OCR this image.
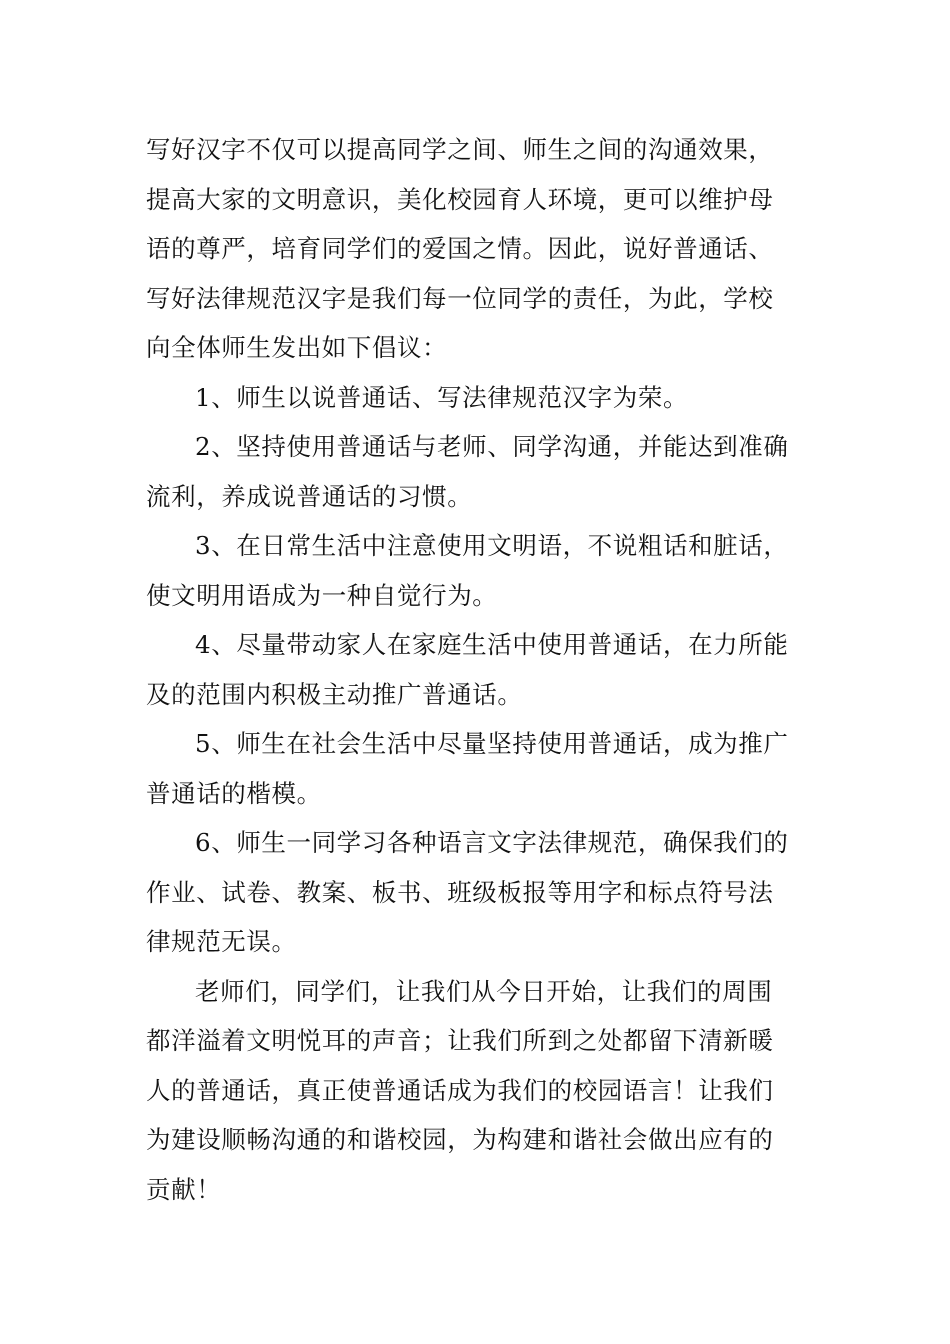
写好汉字不仅可以提高同学之间、师生之间的沟通效果，
提高大家的文明意识，美化校园育人环境，更可以维护母
语的尊严，培育同学们的爱国之情。因此，说好普通话、
写好法律规范汉字是我们每一位同学的责任，为此，学校
向全体师生发出如下倡议：
1、师生以说普通话、写法律规范汉字为荣。
2、坚持使用普通话与老师、同学沟通，并能达到准确
流利，养成说普通话的习惯。
3、在日常生活中注意使用文明语，不说粗话和脏话，
使文明用语成为一种自觉行为。
4、尽量带动家人在家庭生活中使用普通话，在力所能
及的范围内积极主动推广普通话。
5、师生在社会生活中尽量坚持使用普通话，成为推广
普通话的楷模。
6、师生一同学习各种语言文字法律规范，确保我们的
作业、试卷、教案、板书、班级板报等用字和标点符号法
律规范无误。
老师们，同学们，让我们从今日开始，让我们的周围
都洋溢着文明悦耳的声音；让我们所到之处都留下清新暖
人的普通话，真正使普通话成为我们的校园语言！让我们
为建设顺畅沟通的和谐校园，为构建和谐社会做出应有的
贡献！
